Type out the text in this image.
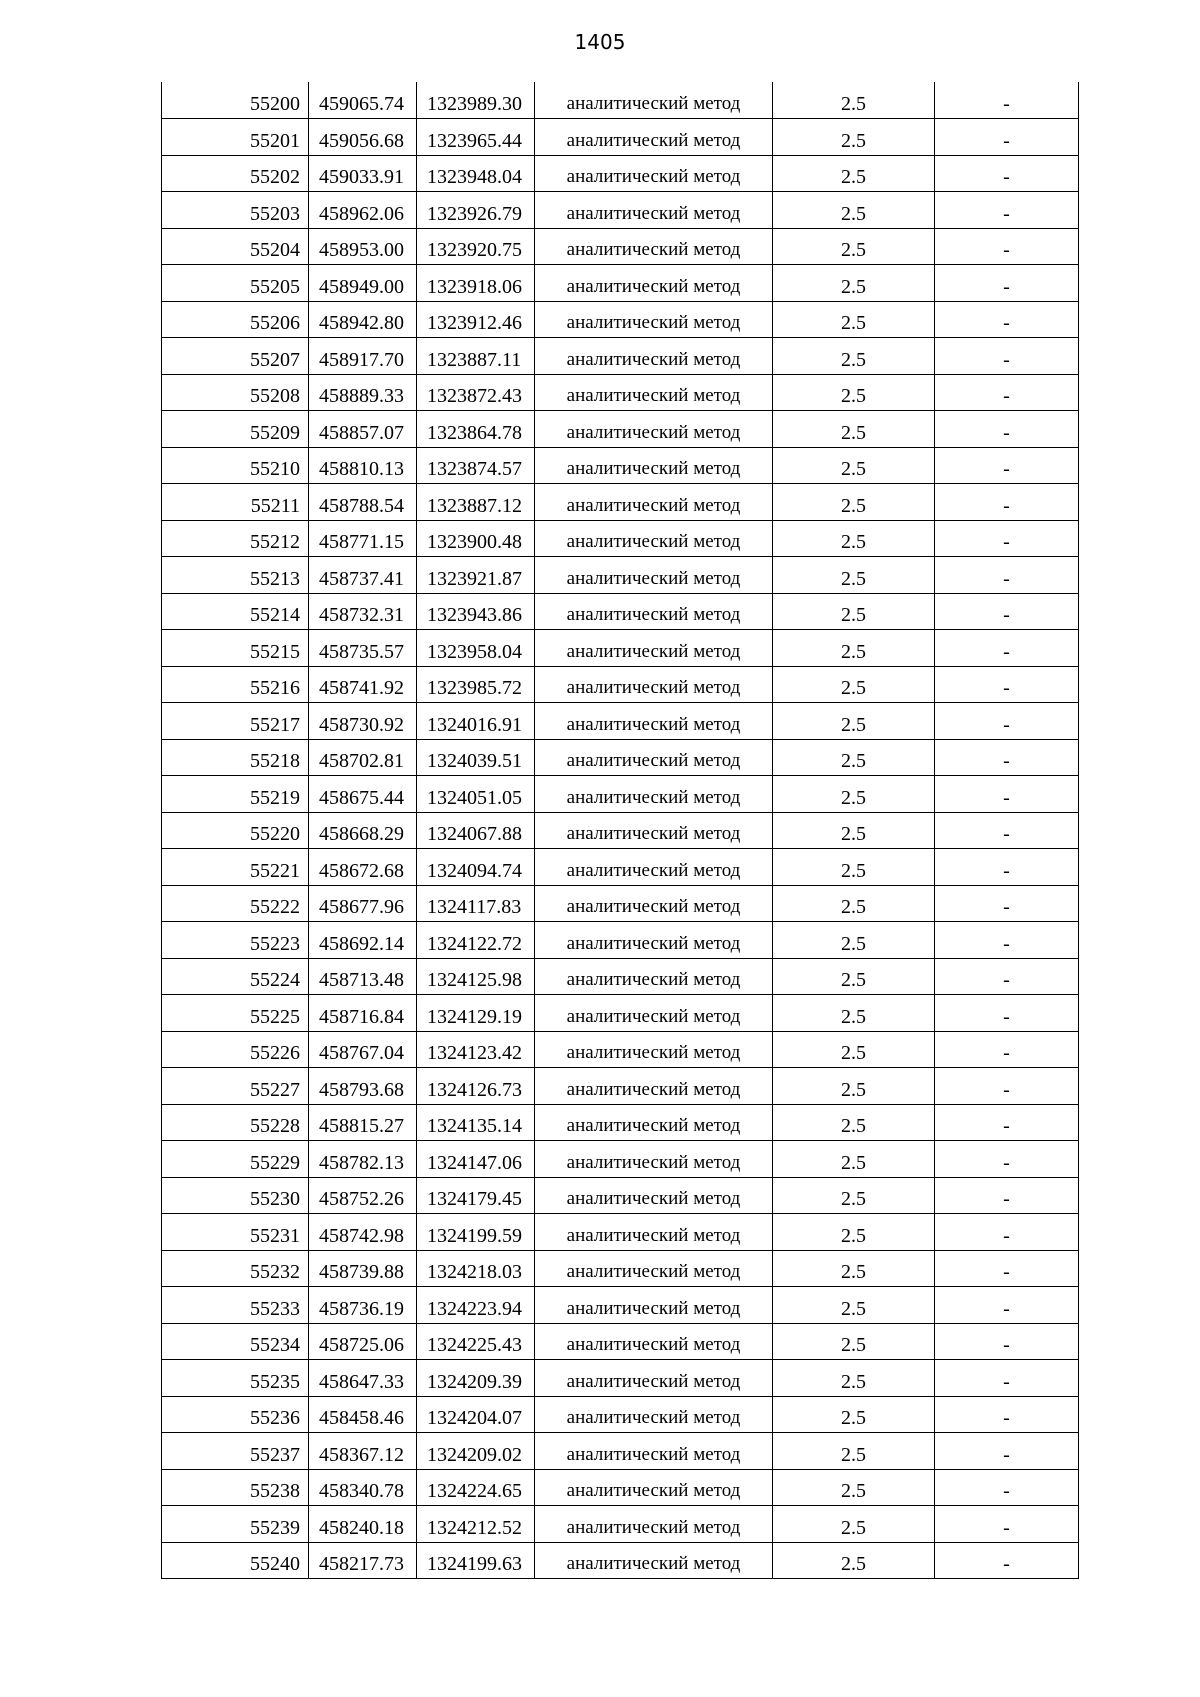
1405
55200	459065.74	1323989.30	аналитический метод	2.5	-
55201	459056.68	1323965.44	аналитический метод	2.5	-
55202	459033.91	1323948.04	аналитический метод	2.5	-
55203	458962.06	1323926.79	аналитический метод	2.5	-
55204	458953.00	1323920.75	аналитический метод	2.5	-
55205	458949.00	1323918.06	аналитический метод	2.5	-
55206	458942.80	1323912.46	аналитический метод	2.5	-
55207	458917.70	1323887.11	аналитический метод	2.5	-
55208	458889.33	1323872.43	аналитический метод	2.5	-
55209	458857.07	1323864.78	аналитический метод	2.5	-
55210	458810.13	1323874.57	аналитический метод	2.5	-
55211	458788.54	1323887.12	аналитический метод	2.5	-
55212	458771.15	1323900.48	аналитический метод	2.5	-
55213	458737.41	1323921.87	аналитический метод	2.5	-
55214	458732.31	1323943.86	аналитический метод	2.5	-
55215	458735.57	1323958.04	аналитический метод	2.5	-
55216	458741.92	1323985.72	аналитический метод	2.5	-
55217	458730.92	1324016.91	аналитический метод	2.5	-
55218	458702.81	1324039.51	аналитический метод	2.5	-
55219	458675.44	1324051.05	аналитический метод	2.5	-
55220	458668.29	1324067.88	аналитический метод	2.5	-
55221	458672.68	1324094.74	аналитический метод	2.5	-
55222	458677.96	1324117.83	аналитический метод	2.5	-
55223	458692.14	1324122.72	аналитический метод	2.5	-
55224	458713.48	1324125.98	аналитический метод	2.5	-
55225	458716.84	1324129.19	аналитический метод	2.5	-
55226	458767.04	1324123.42	аналитический метод	2.5	-
55227	458793.68	1324126.73	аналитический метод	2.5	-
55228	458815.27	1324135.14	аналитический метод	2.5	-
55229	458782.13	1324147.06	аналитический метод	2.5	-
55230	458752.26	1324179.45	аналитический метод	2.5	-
55231	458742.98	1324199.59	аналитический метод	2.5	-
55232	458739.88	1324218.03	аналитический метод	2.5	-
55233	458736.19	1324223.94	аналитический метод	2.5	-
55234	458725.06	1324225.43	аналитический метод	2.5	-
55235	458647.33	1324209.39	аналитический метод	2.5	-
55236	458458.46	1324204.07	аналитический метод	2.5	-
55237	458367.12	1324209.02	аналитический метод	2.5	-
55238	458340.78	1324224.65	аналитический метод	2.5	-
55239	458240.18	1324212.52	аналитический метод	2.5	-
55240	458217.73	1324199.63	аналитический метод	2.5	-
